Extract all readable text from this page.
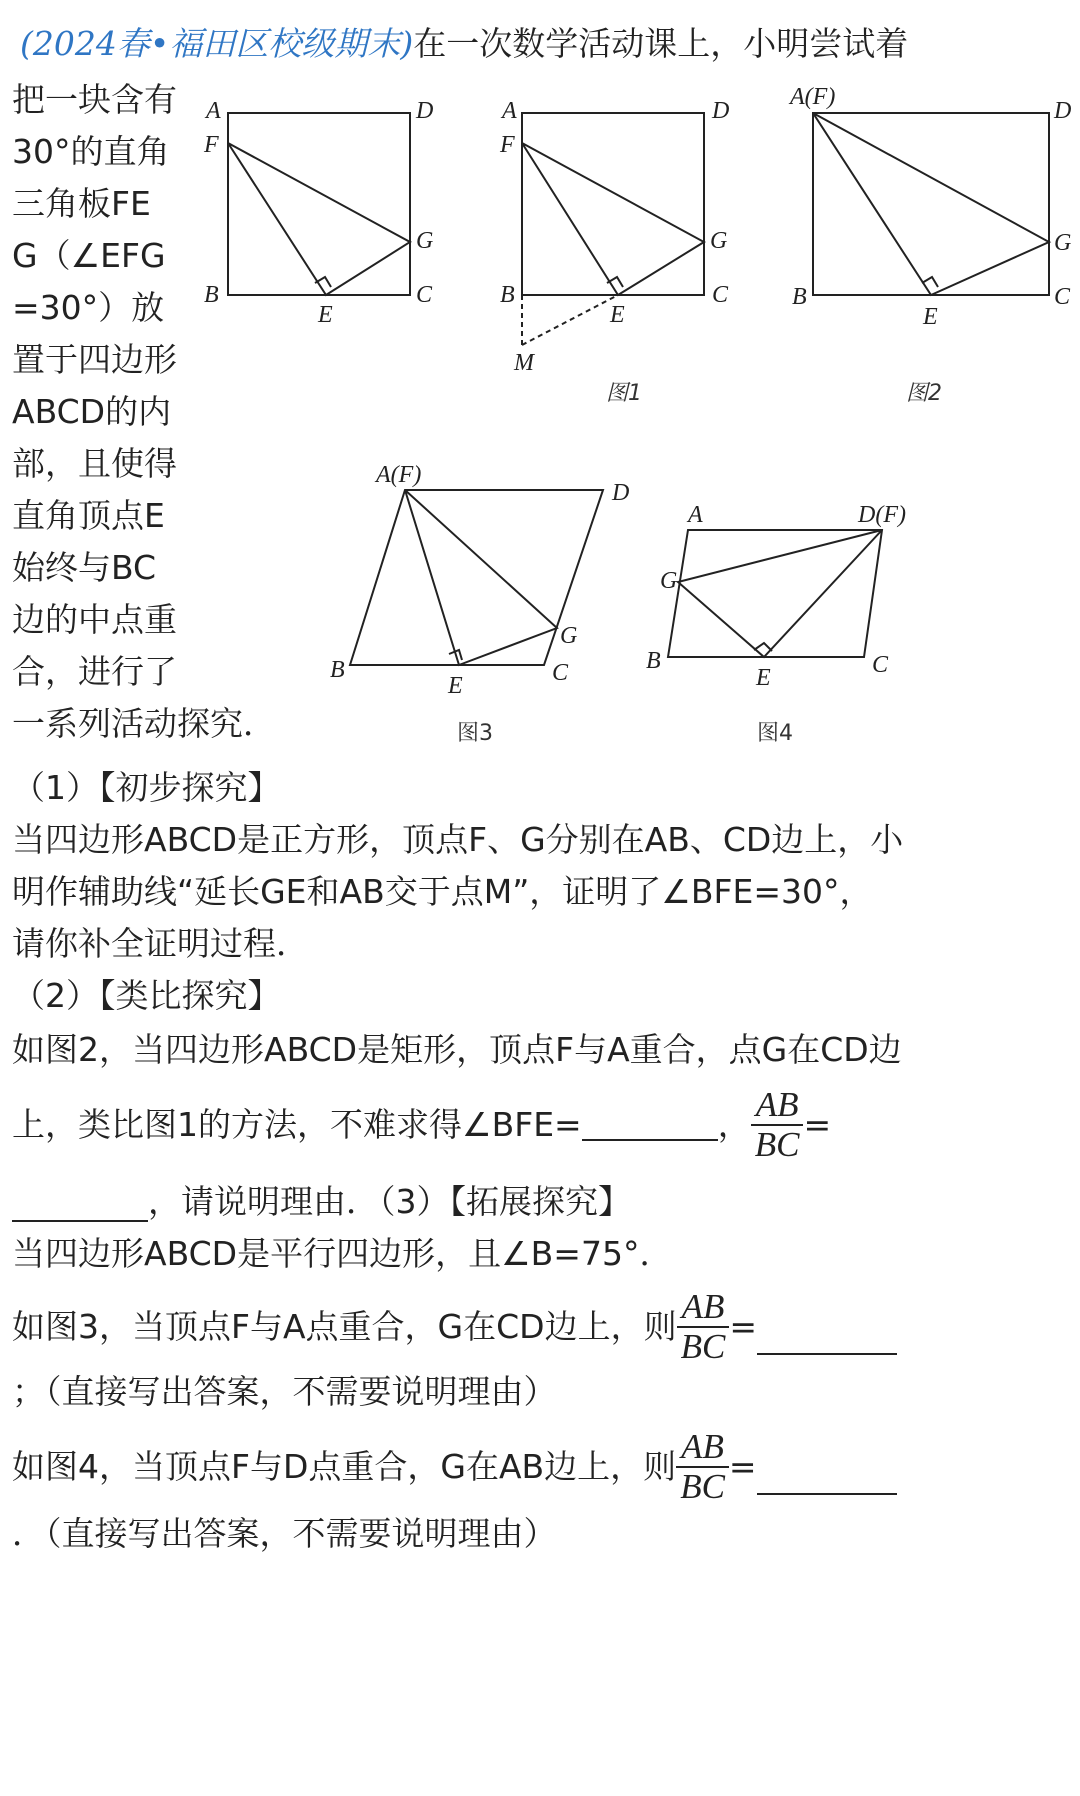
(2024春•福田区校级期末)在一次数学活动课上，小明尝试着
把一块含有
30°的直角
三角板FE
G（∠EFG
=30°）放
置于四边形
ABCD的内
部，且使得
直角顶点E
始终与BC
边的中点重
合，进行了
一系列活动探究．
A	D
F
G
B
E
C
A	D
F
G
B
E
C
M
图1
A(F)
D
G
B
E
C
图2
A(F)
D
G
B
E	C
A	D(F)
G
B
E	C
图4
图3
（1）【初步探究】
当四边形ABCD是正方形，顶点F、G分别在AB、CD边上，小
明作辅助线“延长GE和AB交于点M”，证明了∠BFE=30°，
请你补全证明过程．
（2）【类比探究】
如图2，当四边形ABCD是矩形，顶点F与A重合，点G在CD边
上，类比图1的方法，不难求得∠BFE=	， $\frac{AB}{BC}$ =
，请说明理由．（3）【拓展探究】
当四边形ABCD是平行四边形，且∠B=75°．
如图3，当顶点F与A点重合，G在CD边上，则 $\frac{AB}{BC}$ =
；（直接写出答案，不需要说明理由）
如图4，当顶点F与D点重合，G在AB边上，则 $\frac{AB}{BC}$ =
．（直接写出答案，不需要说明理由）
